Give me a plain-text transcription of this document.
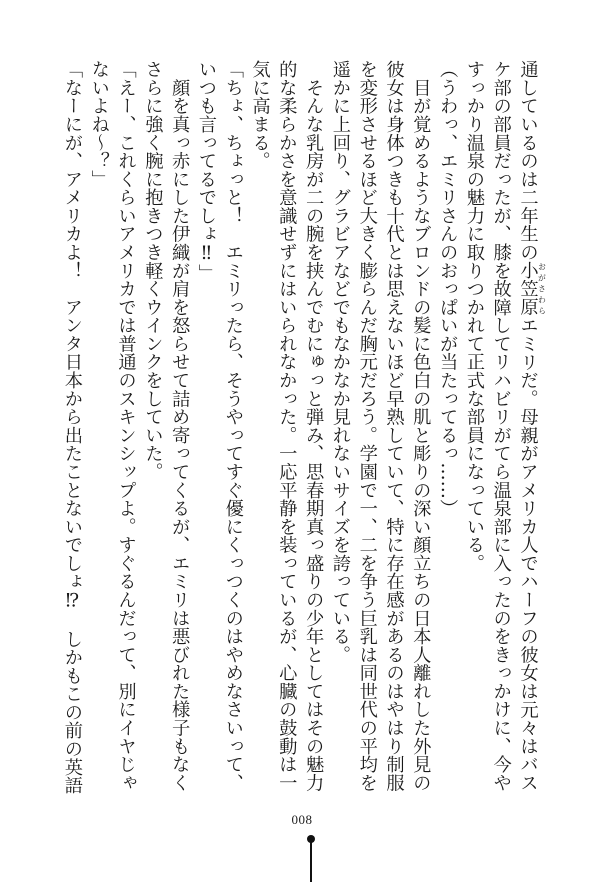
通しているのは二年生の小笠原 おがさわらエミリだ。母親がアメリカ人でハーフの彼女は元々はバス
ケ部の部員だったが、膝を故障してリハビリがてら温泉部に入ったのをきっかけに、今や
すっかり温泉の魅力に取りつかれて正式な部員になっている。
（うわっ、エミリさんのおっぱいが当たってるっ……）
　目が覚めるようなブロンドの髪に色白の肌と彫りの深い顔立ちの日本人離れした外見の
彼女は身体つきも十代とは思えないほど早熟していて、特に存在感があるのはやはり制服
を変形させるほど大きく膨らんだ胸元だろう。学園で一、二を争う巨乳は同世代の平均を
遥かに上回り、グラビアなどでもなかなか見れないサイズを誇っている。
　そんな乳房が二の腕を挟んでむにゅっと弾み、思春期真っ盛りの少年としてはその魅力
的な柔らかさを意識せずにはいられなかった。一応平静を装っているが、心臓の鼓動は一
気に高まる。
「ちょ、ちょっと！　エミリったら、そうやってすぐ優にくっつくのはやめなさいって、
いつも言ってるでしょ‼」
　顔を真っ赤にした伊織が肩を怒らせて詰め寄ってくるが、エミリは悪びれた様子もなく
さらに強く腕に抱きつき軽くウインクをしていた。
「えー、これくらいアメリカでは普通のスキンシップよ。すぐるんだって、別にイヤじゃ
ないよね～？」
「なーにが、アメリカよ！　アンタ日本から出たことないでしょ⁉　しかもこの前の英語
008
